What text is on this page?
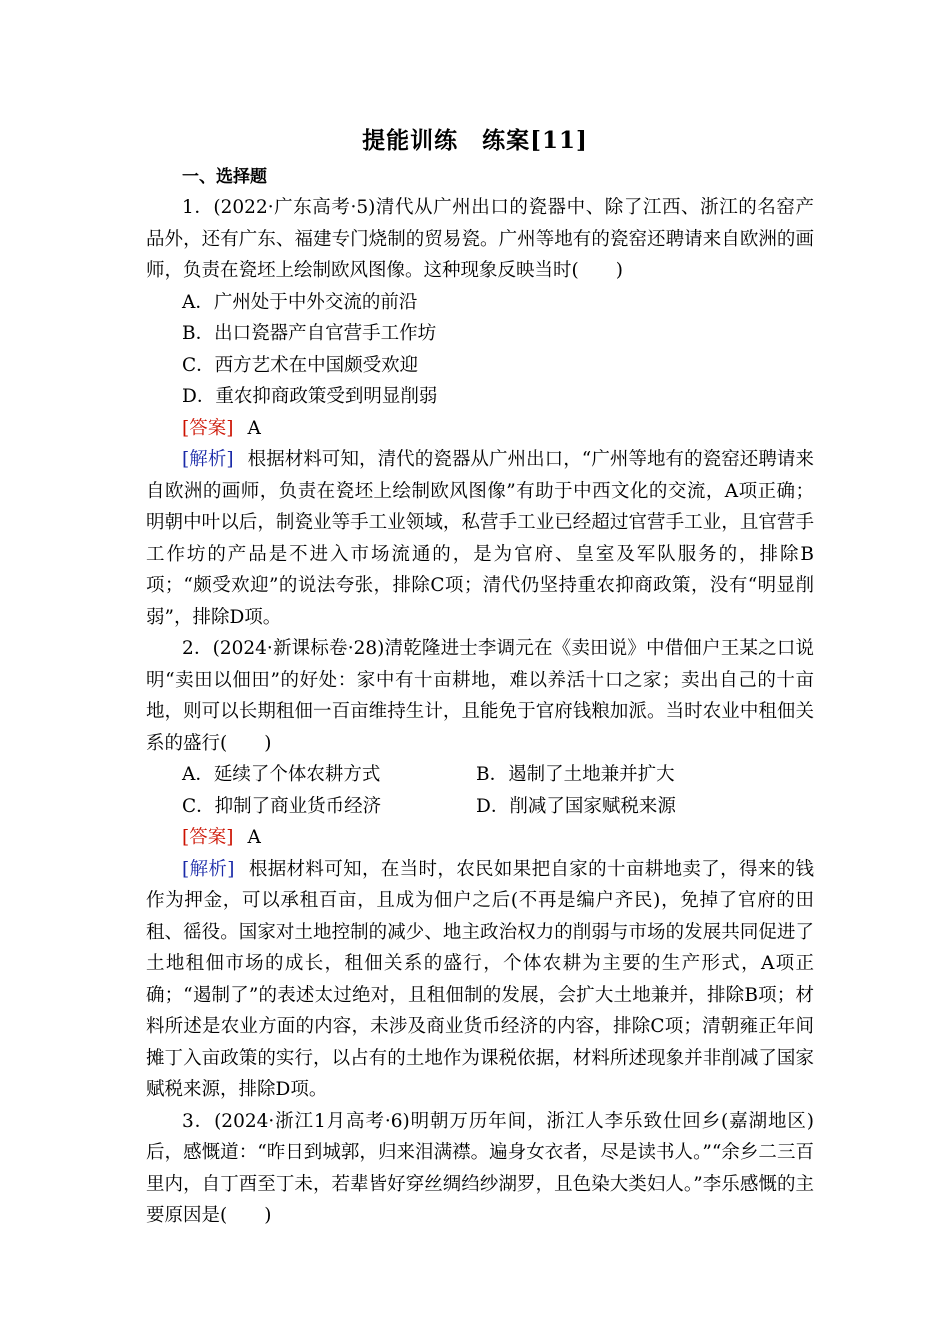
提能训练　练案[11]
一、选择题

1．(2022·广东高考·5)清代从广州出口的瓷器中、除了江西、浙江的名窑产品外，还有广东、福建专门烧制的贸易瓷。广州等地有的瓷窑还聘请来自欧洲的画师，负责在瓷坯上绘制欧风图像。这种现象反映当时(　　)

A．广州处于中外交流的前沿

B．出口瓷器产自官营手工作坊

C．西方艺术在中国颇受欢迎

D．重农抑商政策受到明显削弱

[答案] A

[解析] 根据材料可知，清代的瓷器从广州出口，“广州等地有的瓷窑还聘请来自欧洲的画师，负责在瓷坯上绘制欧风图像”有助于中西文化的交流，A项正确；明朝中叶以后，制瓷业等手工业领域，私营手工业已经超过官营手工业，且官营手工作坊的产品是不进入市场流通的，是为官府、皇室及军队服务的，排除B项；“颇受欢迎”的说法夸张，排除C项；清代仍坚持重农抑商政策，没有“明显削弱”，排除D项。

2．(2024·新课标卷·28)清乾隆进士李调元在《卖田说》中借佃户王某之口说明“卖田以佃田”的好处：家中有十亩耕地，难以养活十口之家；卖出自己的十亩地，则可以长期租佃一百亩维持生计，且能免于官府钱粮加派。当时农业中租佃关系的盛行(　　)

A．延续了个体农耕方式	B．遏制了土地兼并扩大
C．抑制了商业货币经济	D．削减了国家赋税来源
[答案] A

[解析] 根据材料可知，在当时，农民如果把自家的十亩耕地卖了，得来的钱作为押金，可以承租百亩，且成为佃户之后(不再是编户齐民)，免掉了官府的田租、徭役。国家对土地控制的减少、地主政治权力的削弱与市场的发展共同促进了土地租佃市场的成长，租佃关系的盛行，个体农耕为主要的生产形式，A项正确；“遏制了”的表述太过绝对，且租佃制的发展，会扩大土地兼并，排除B项；材料所述是农业方面的内容，未涉及商业货币经济的内容，排除C项；清朝雍正年间摊丁入亩政策的实行，以占有的土地作为课税依据，材料所述现象并非削减了国家赋税来源，排除D项。

3．(2024·浙江1月高考·6)明朝万历年间，浙江人李乐致仕回乡(嘉湖地区)后，感慨道：“昨日到城郭，归来泪满襟。遍身女衣者，尽是读书人。”“余乡二三百里内，自丁酉至丁未，若辈皆好穿丝绸绉纱湖罗，且色染大类妇人。”李乐感慨的主要原因是(　　)
